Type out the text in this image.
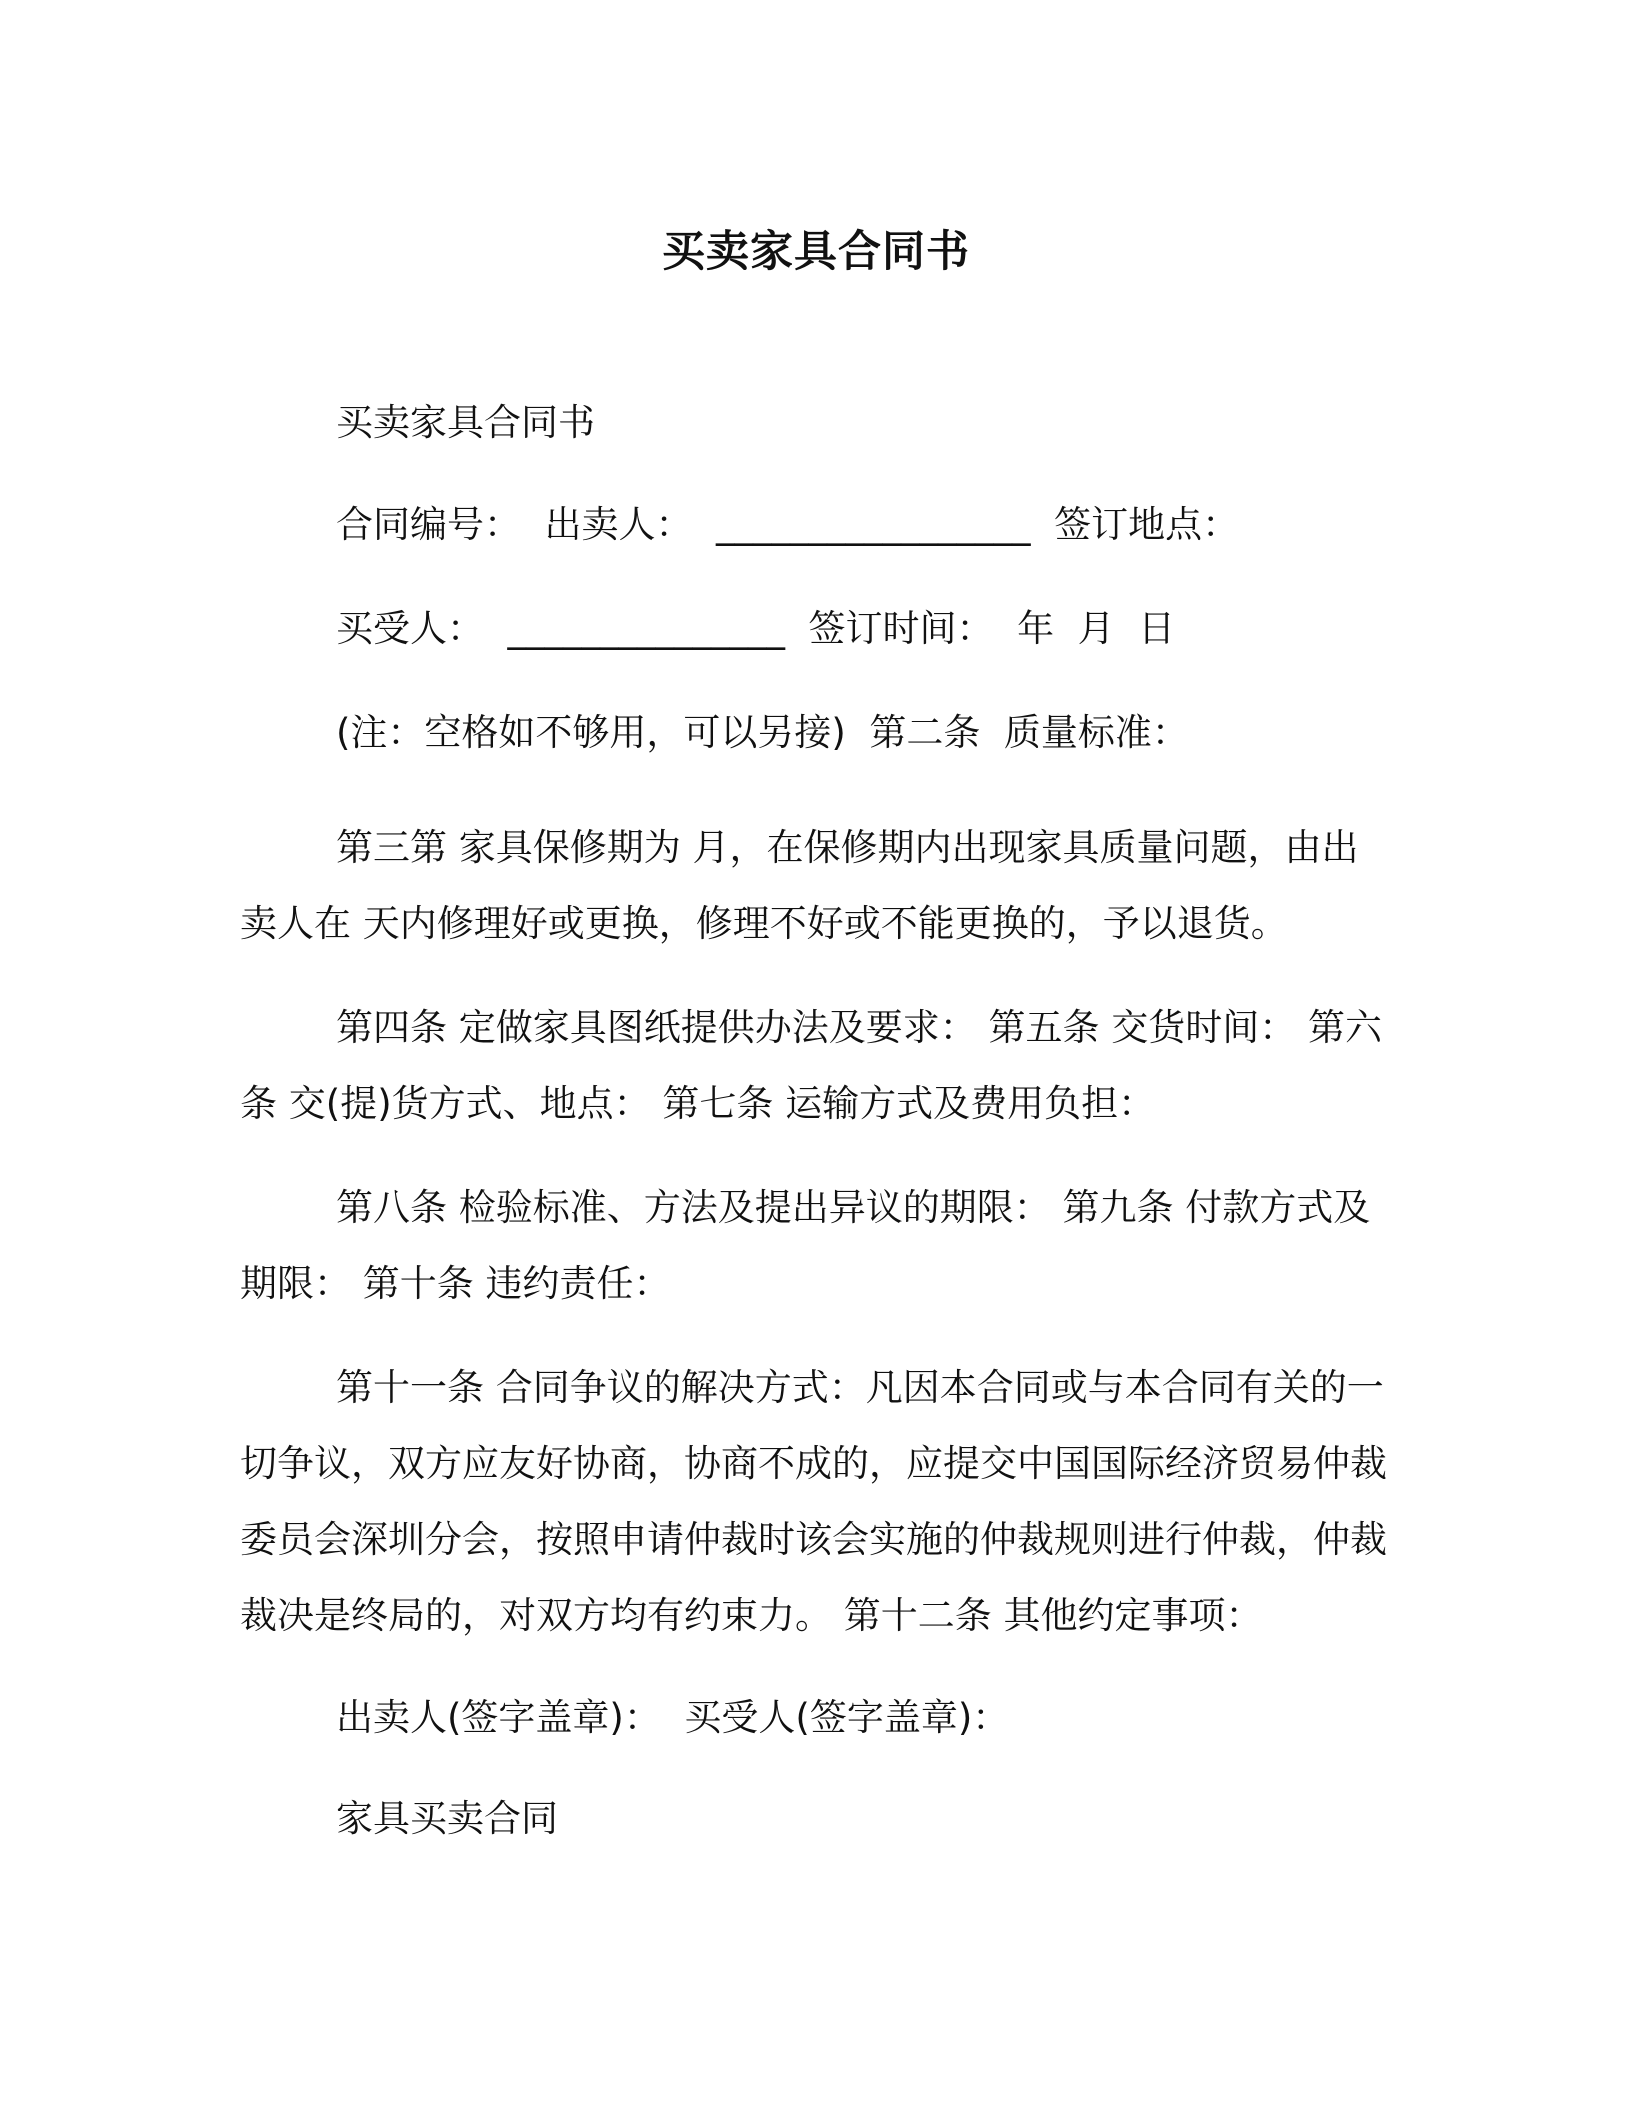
买卖家具合同书
买卖家具合同书
合同编号：  出卖人：  _________________  签订地点：
买受人：  _______________  签订时间：  年  月  日
(注：空格如不够用，可以另接)  第二条  质量标准：

第三第 家具保修期为 月，在保修期内出现家具质量问题，由出卖人在 天内修理好或更换，修理不好或不能更换的，予以退货。

第四条 定做家具图纸提供办法及要求： 第五条 交货时间： 第六条 交(提)货方式、地点： 第七条 运输方式及费用负担：

第八条 检验标准、方法及提出异议的期限： 第九条 付款方式及期限： 第十条 违约责任：

第十一条 合同争议的解决方式：凡因本合同或与本合同有关的一切争议，双方应友好协商，协商不成的，应提交中国国际经济贸易仲裁委员会深圳分会，按照申请仲裁时该会实施的仲裁规则进行仲裁，仲裁裁决是终局的，对双方均有约束力。 第十二条 其他约定事项：

出卖人(签字盖章)：  买受人(签字盖章)：
家具买卖合同
